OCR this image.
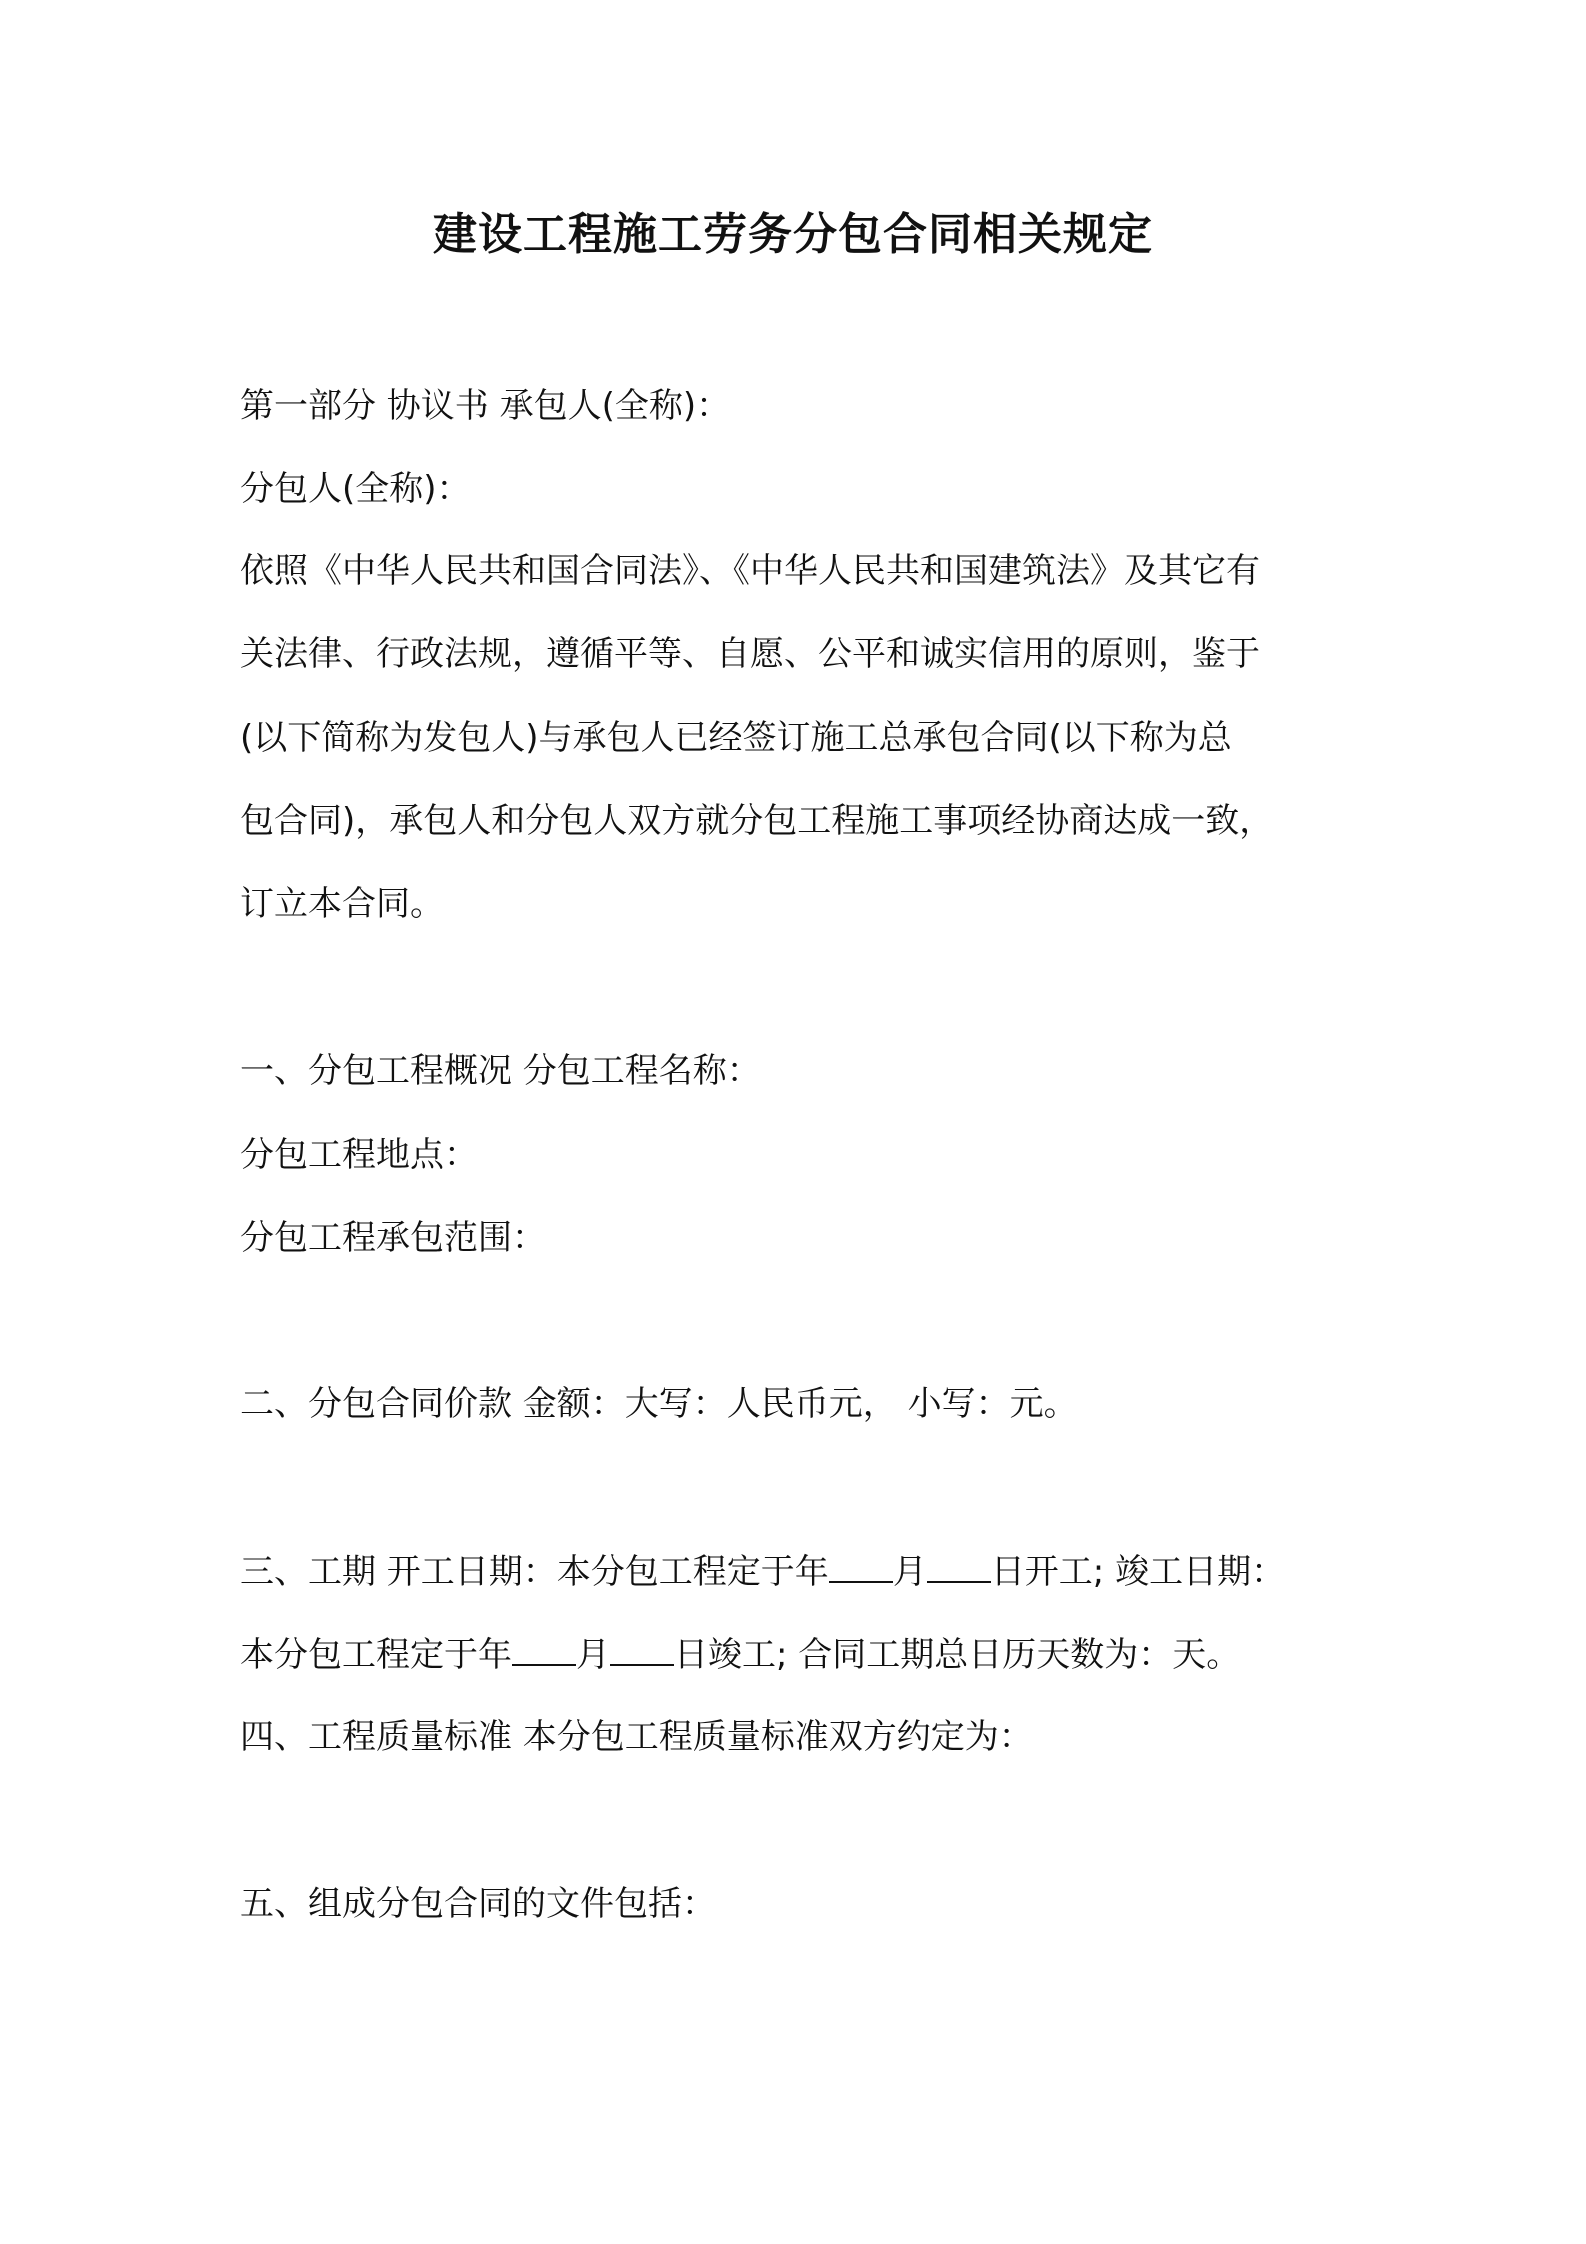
建设工程施工劳务分包合同相关规定
第一部分 协议书 承包人(全称)：
分包人(全称)：
依照《中华人民共和国合同法》、《中华人民共和国建筑法》及其它有
关法律、行政法规，遵循平等、自愿、公平和诚实信用的原则，鉴于
(以下简称为发包人)与承包人已经签订施工总承包合同(以下称为总
包合同)，承包人和分包人双方就分包工程施工事项经协商达成一致，
订立本合同。
一、分包工程概况 分包工程名称：
分包工程地点：
分包工程承包范围：
二、分包合同价款 金额：大写：人民币元， 小写：元。
三、工期 开工日期：本分包工程定于年 月 日开工; 竣工日期：
本分包工程定于年 月 日竣工; 合同工期总日历天数为：天。
四、工程质量标准 本分包工程质量标准双方约定为：
五、组成分包合同的文件包括：
